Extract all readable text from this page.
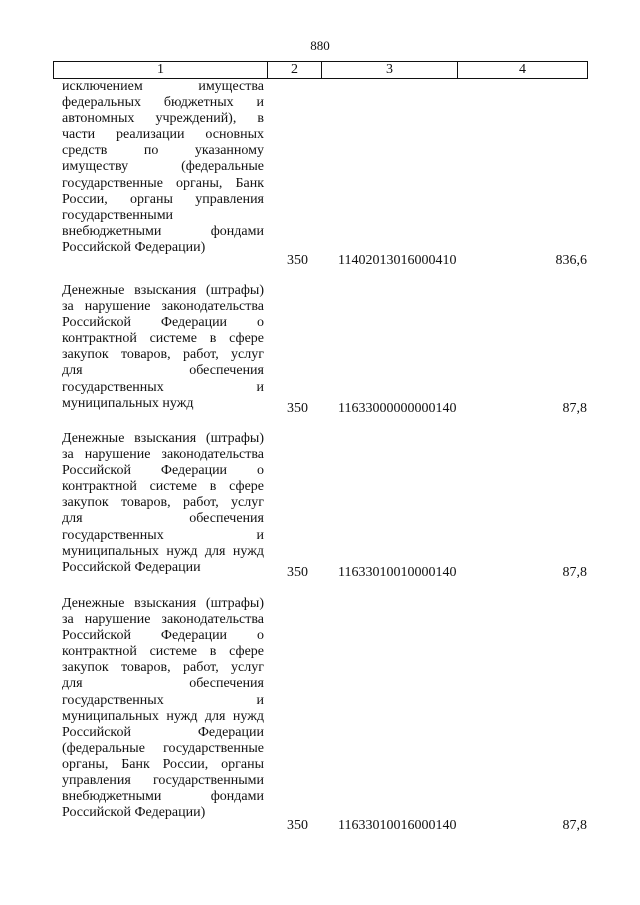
880
1	2	3	4
исключением имущества
федеральных бюджетных и
автономных учреждений), в
части реализации основных
средств по указанному
имуществу (федеральные
государственные органы, Банк
России, органы управления
государственными
внебюджетными фондами
Российской Федерации)
350 11402013016000410	836,6
Денежные взыскания (штрафы)
за нарушение законодательства
Российской Федерации о
контрактной системе в сфере
закупок товаров, работ, услуг
для обеспечения
государственных и
муниципальных нужд	350 11633000000000140	87,8
Денежные взыскания (штрафы)
за нарушение законодательства
Российской Федерации о
контрактной системе в сфере
закупок товаров, работ, услуг
для обеспечения
государственных и
муниципальных нужд для нужд
Российской Федерации	350 11633010010000140	87,8
Денежные взыскания (штрафы)
за нарушение законодательства
Российской Федерации о
контрактной системе в сфере
закупок товаров, работ, услуг
для обеспечения
государственных и
муниципальных нужд для нужд
Российской Федерации
(федеральные государственные
органы, Банк России, органы
управления государственными
внебюджетными фондами
Российской Федерации)
350 11633010016000140	87,8
